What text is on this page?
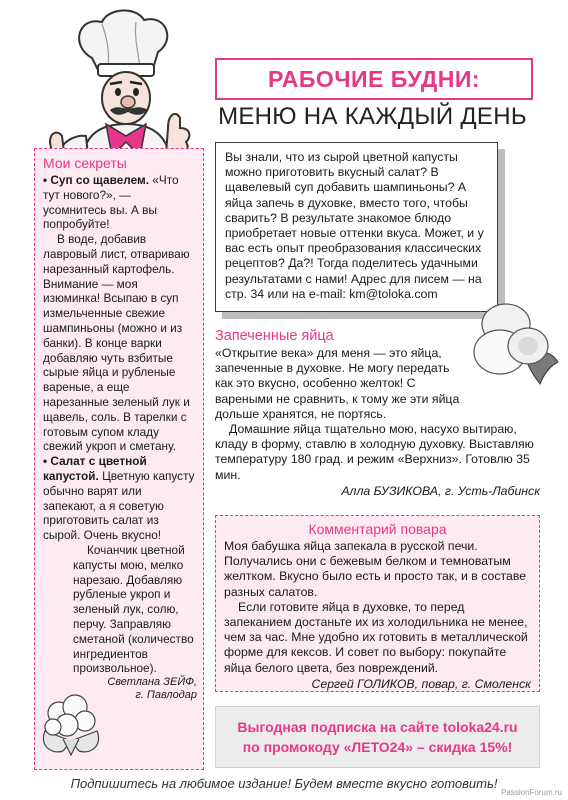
РАБОЧИЕ БУДНИ:
МЕНЮ НА КАЖДЫЙ ДЕНЬ
Мои секреты

• Суп со щавелем. «Что тут нового?», — усомнитесь вы. А вы попробуйте!

В воде, добавив лавровый лист, отвариваю нарезанный картофель. Внимание — моя изюминка! Всыпаю в суп измельченные свежие шампиньоны (можно и из банки). В конце варки добавляю чуть взбитые сырые яйца и рубленые вареные, а еще нарезанные зеленый лук и щавель, соль. В тарелки с готовым супом кладу свежий укроп и сметану.

• Салат с цветной капустой. Цветную капусту обычно варят или запекают, а я советую приготовить салат из сырой. Очень вкусно!

Кочанчик цветной капусты мою, мелко нарезаю. Добавляю рубленые укроп и зеленый лук, солю, перчу. Заправляю сметаной (количество ингредиентов произвольное).

Светлана ЗЕЙФ,

г. Павлодар

Вы знали, что из сырой цветной капусты можно приготовить вкусный салат? В щавелевый суп добавить шампиньоны? А яйца запечь в духовке, вместо того, чтобы сварить? В результате знакомое блюдо приобретает новые оттенки вкуса. Может, и у вас есть опыт преобразования классических рецептов? Да?! Тогда поделитесь удачными результатами с нами! Адрес для писем — на стр. 34 или на e-mail: km@toloka.com

Запеченные яйца

«Открытие века» для меня — это яйца, запеченные в духовке. Не могу передать как это вкусно, особенно желток! С вареными не сравнить, к тому же эти яйца дольше хранятся, не портясь.

Домашние яйца тщательно мою, насухо вытираю, кладу в форму, ставлю в холодную духовку. Выставляю температуру 180 град. и режим «Верхниз». Готовлю 35 мин.

Алла БУЗИКОВА, г. Усть-Лабинск

Комментарий повара

Моя бабушка яйца запекала в русской печи. Получались они с бежевым белком и темноватым желтком. Вкусно было есть и просто так, и в составе разных салатов.

Если готовите яйца в духовке, то перед запеканием достаньте их из холодильника не менее, чем за час. Мне удобно их готовить в металлической форме для кексов. И совет по выбору: покупайте яйца белого цвета, без повреждений.

Сергей ГОЛИКОВ, повар, г. Смоленск

Выгодная подписка на сайте toloka24.ru
по промокоду «ЛЕТО24» – скидка 15%!
Подпишитесь на любимое издание! Будем вместе вкусно готовить!
PassionForum.ru
